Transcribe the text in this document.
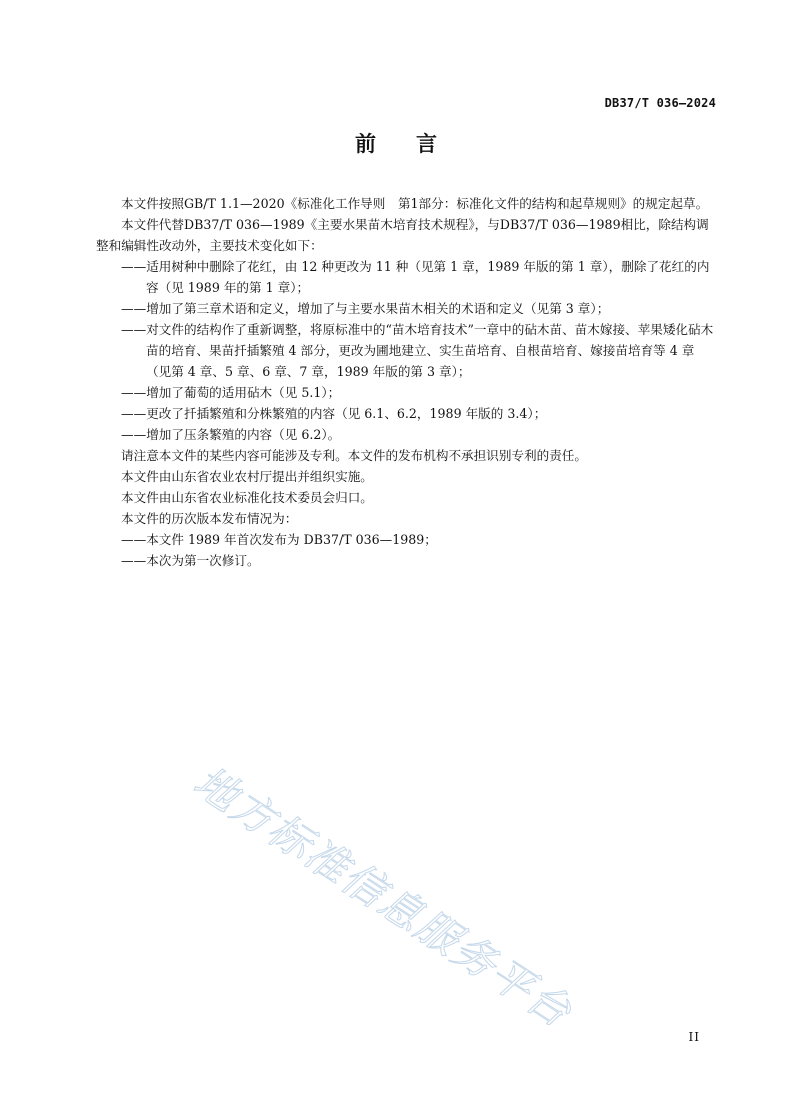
DB37/T 036—2024
前 言

本文件按照GB/T 1.1—2020《标准化工作导则　第1部分：标准化文件的结构和起草规则》的规定起草。

本文件代替DB37/T 036—1989《主要水果苗木培育技术规程》，与DB37/T 036—1989相比，除结构调整和编辑性改动外，主要技术变化如下：

——适用树种中删除了花红，由 12 种更改为 11 种（见第 1 章，1989 年版的第 1 章），删除了花红的内容（见 1989 年的第 1 章）；

——增加了第三章术语和定义，增加了与主要水果苗木相关的术语和定义（见第 3 章）；

——对文件的结构作了重新调整，将原标准中的“苗木培育技术”一章中的砧木苗、苗木嫁接、苹果矮化砧木苗的培育、果苗扦插繁殖 4 部分，更改为圃地建立、实生苗培育、自根苗培育、嫁接苗培育等 4 章（见第 4 章、5 章、6 章、7 章，1989 年版的第 3 章）；

——增加了葡萄的适用砧木（见 5.1）；

——更改了扦插繁殖和分株繁殖的内容（见 6.1、6.2，1989 年版的 3.4）；

——增加了压条繁殖的内容（见 6.2）。

请注意本文件的某些内容可能涉及专利。本文件的发布机构不承担识别专利的责任。

本文件由山东省农业农村厅提出并组织实施。

本文件由山东省农业标准化技术委员会归口。

本文件的历次版本发布情况为：

——本文件 1989 年首次发布为 DB37/T 036—1989；

——本次为第一次修订。

地方标准信息服务平台	II
